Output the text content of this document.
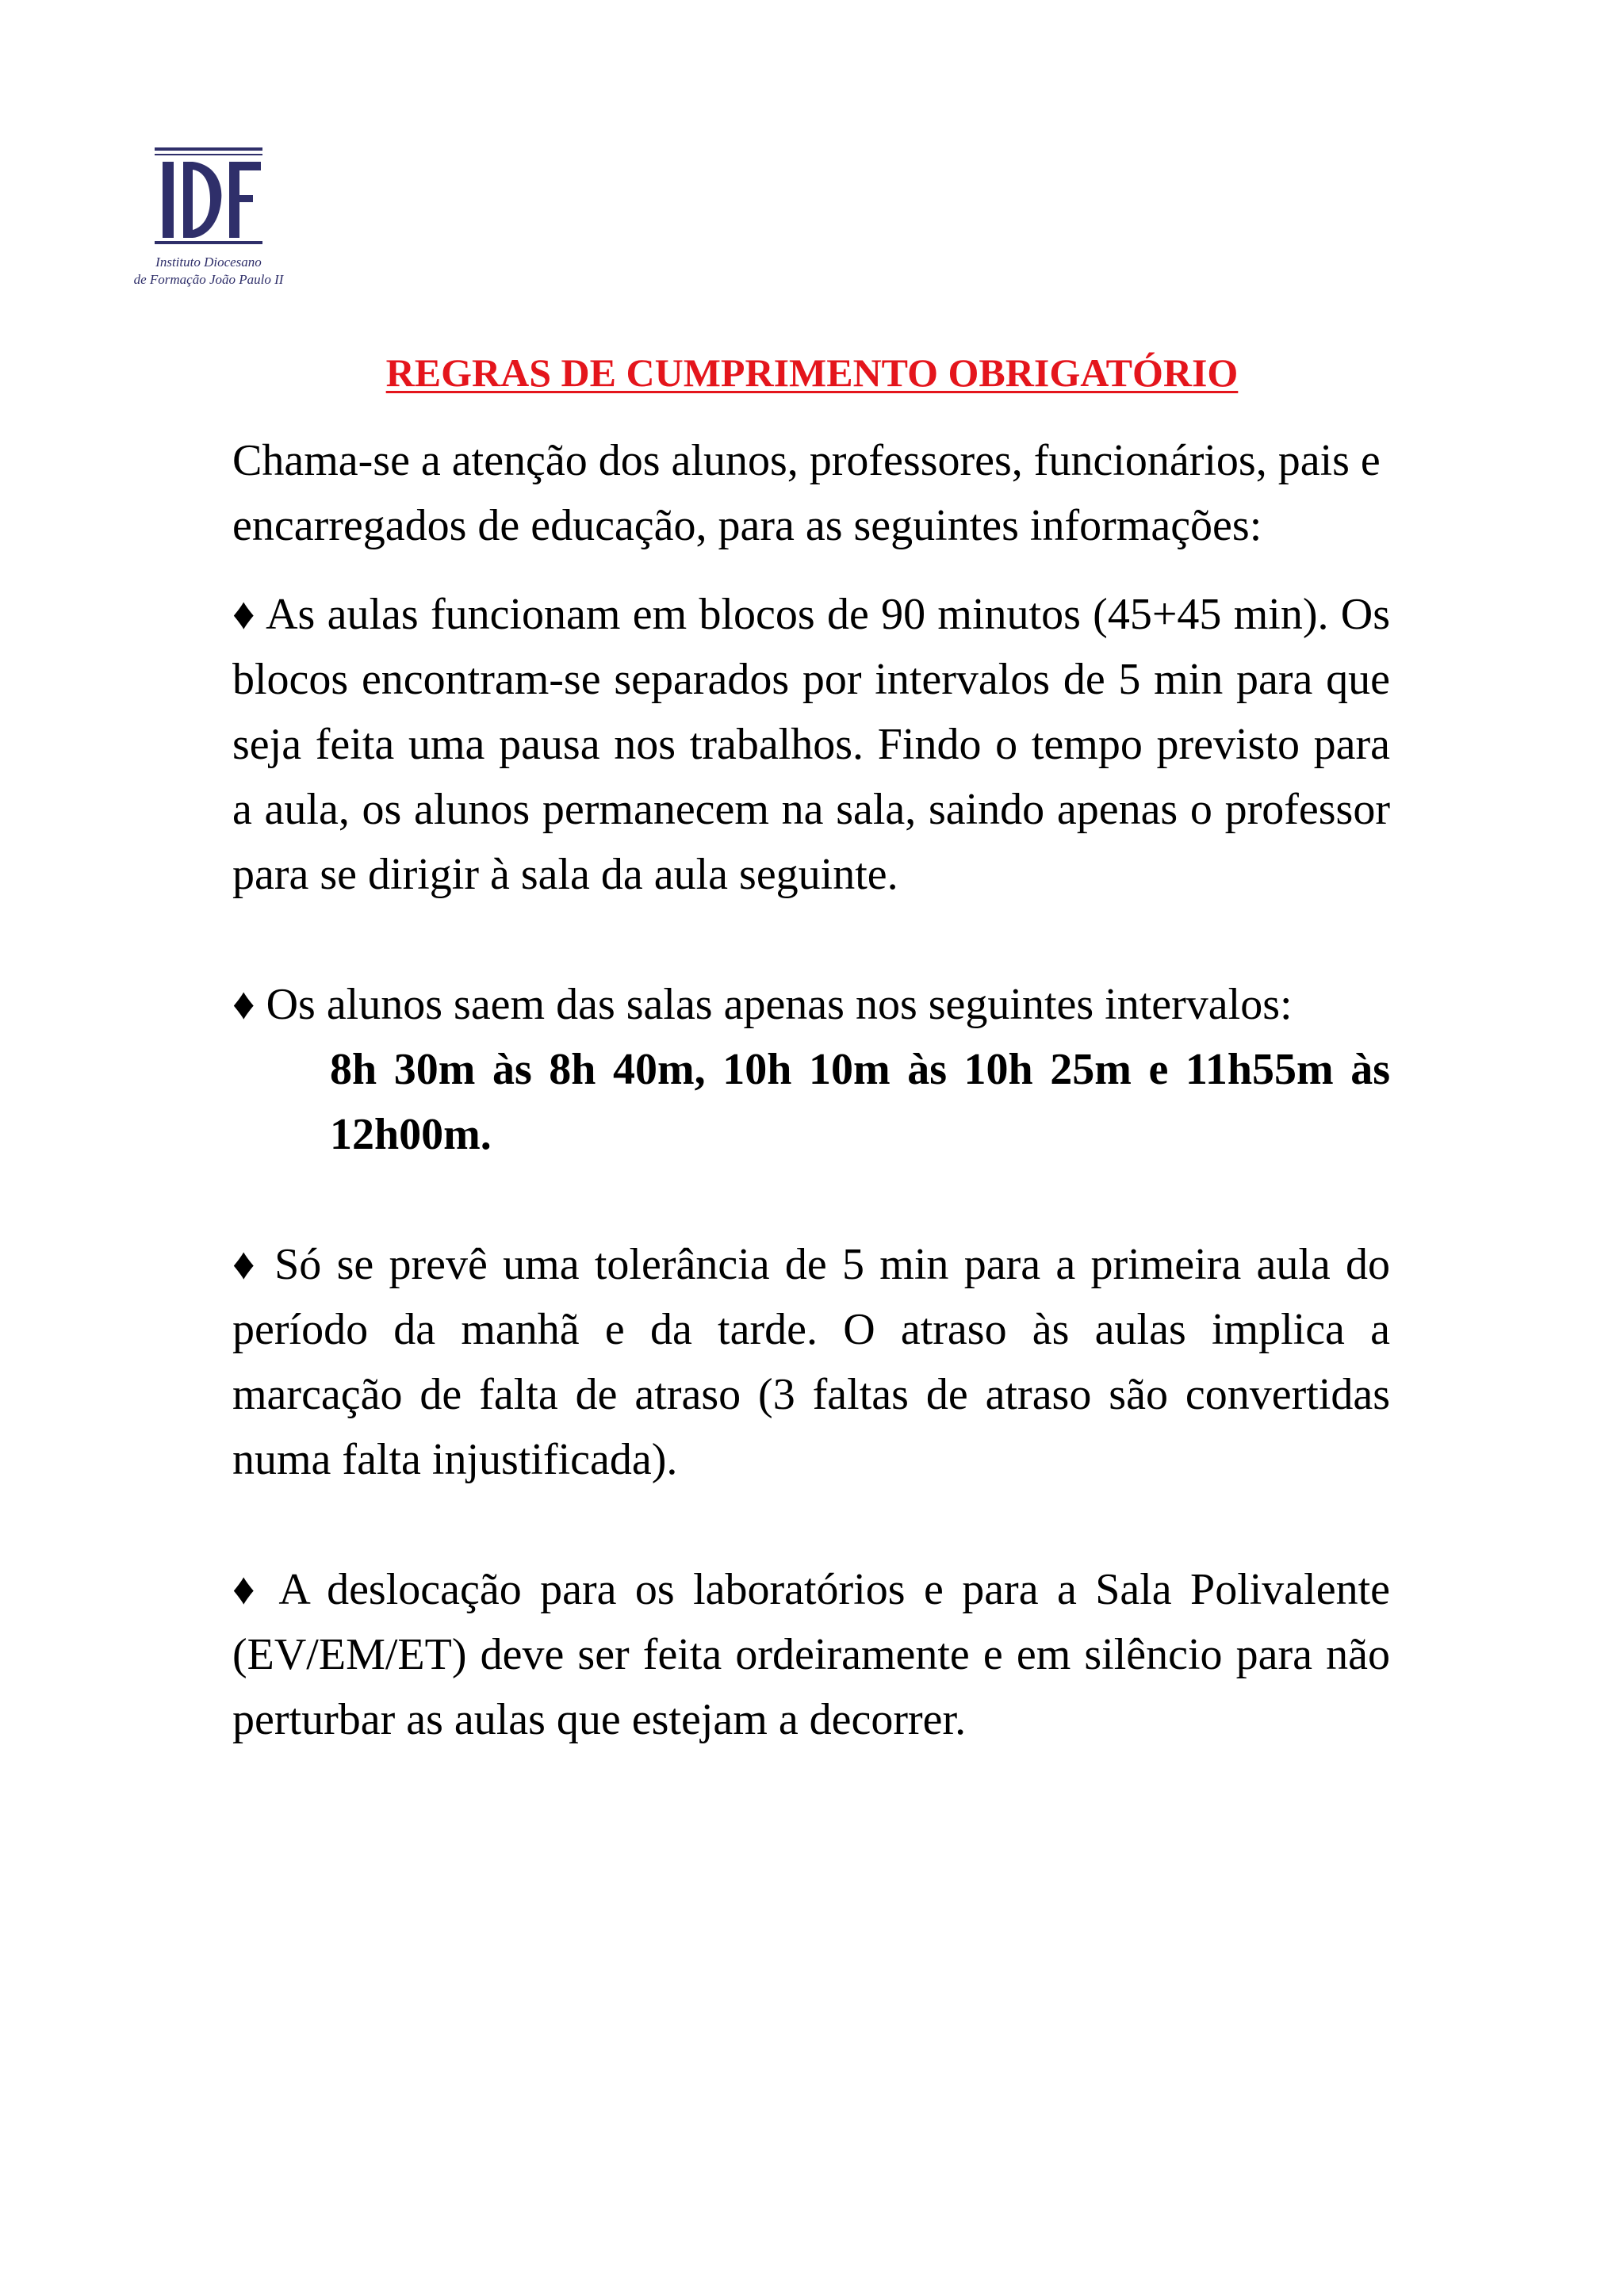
Instituto Diocesano
de Formação João Paulo II
REGRAS DE CUMPRIMENTO OBRIGATÓRIO

Chama-se a atenção dos alunos, professores, funcionários, pais e encarregados de educação, para as seguintes informações:

♦ As aulas funcionam em blocos de 90 minutos (45+45 min). Os blocos encontram-se separados por intervalos de 5 min para que seja feita uma pausa nos trabalhos. Findo o tempo previsto para a aula, os alunos permanecem na sala, saindo apenas o professor para se dirigir à sala da aula seguinte.

♦ Os alunos saem das salas apenas nos seguintes intervalos:

8h 30m às 8h 40m, 10h 10m às 10h 25m e 11h55m às 12h00m.

♦ Só se prevê uma tolerância de 5 min para a primeira aula do período da manhã e da tarde. O atraso às aulas implica a marcação de falta de atraso (3 faltas de atraso são convertidas numa falta injustificada).

♦ A deslocação para os laboratórios e para a Sala Polivalente (EV/EM/ET) deve ser feita ordeiramente e em silêncio para não perturbar as aulas que estejam a decorrer.
